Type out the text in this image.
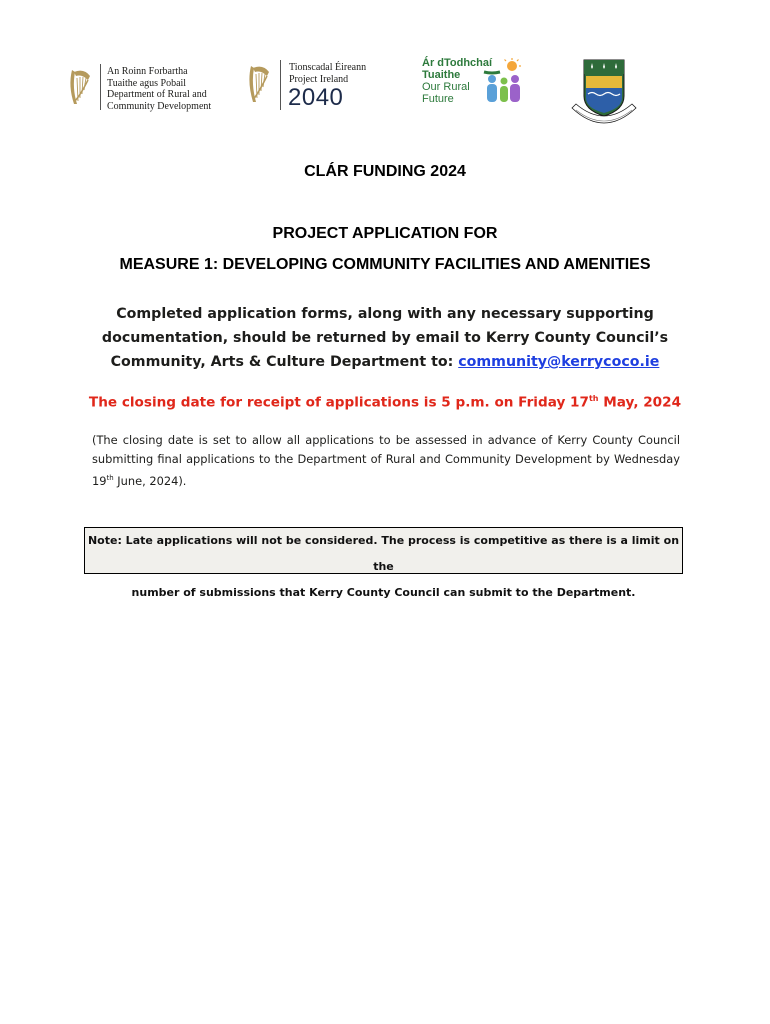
An Roinn Forbartha
Tuaithe agus Pobail
Department of Rural and
Community Development
Tionscadal Éireann
Project Ireland
2040
Ár dTodhchaí
Tuaithe
Our Rural
Future
CLÁR FUNDING 2024
PROJECT APPLICATION FOR
MEASURE 1: DEVELOPING COMMUNITY FACILITIES AND AMENITIES
Completed application forms, along with any necessary supporting
documentation, should be returned by email to Kerry County Council’s
Community, Arts & Culture Department to: community@kerrycoco.ie
The closing date for receipt of applications is 5 p.m. on Friday 17th May, 2024
(The closing date is set to allow all applications to be assessed in advance of Kerry County Council
submitting final applications to the Department of Rural and Community Development by Wednesday
19th June, 2024).

Note: Late applications will not be considered. The process is competitive as there is a limit on the

number of submissions that Kerry County Council can submit to the Department.
